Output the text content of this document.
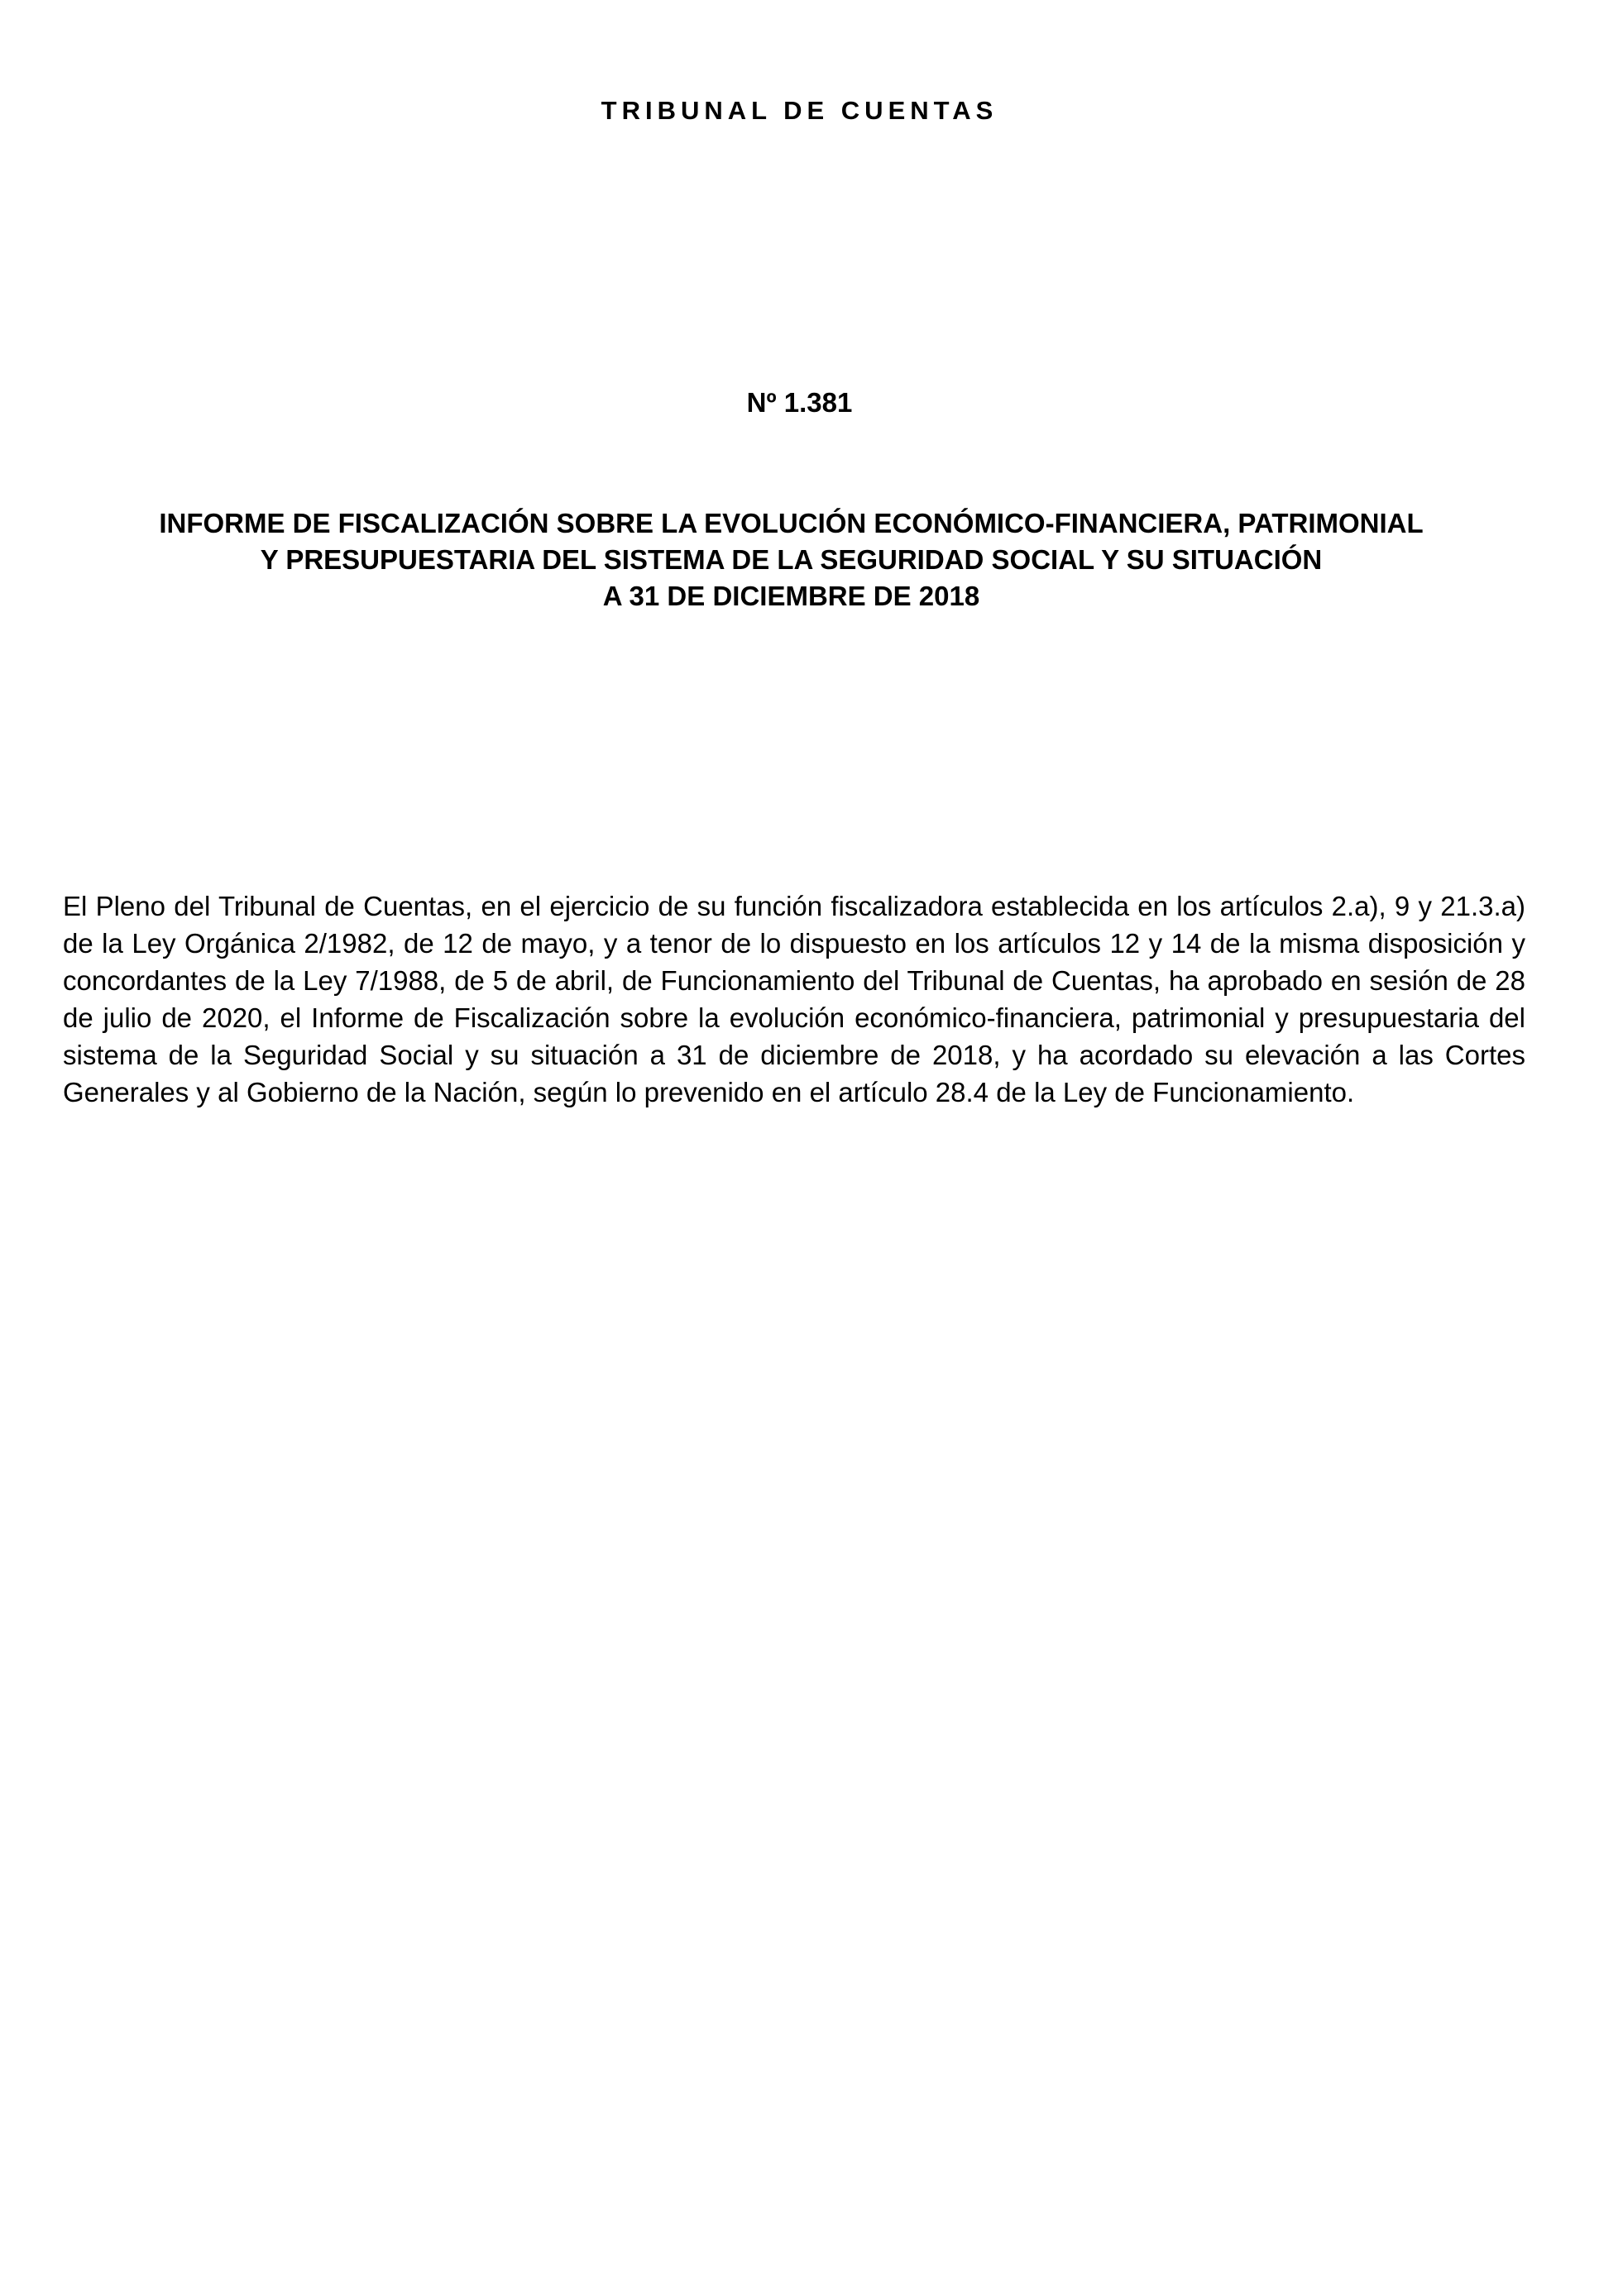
TRIBUNAL DE CUENTAS
Nº 1.381
INFORME DE FISCALIZACIÓN SOBRE LA EVOLUCIÓN ECONÓMICO-FINANCIERA, PATRIMONIAL
Y PRESUPUESTARIA DEL SISTEMA DE LA SEGURIDAD SOCIAL Y SU SITUACIÓN
A 31 DE DICIEMBRE DE 2018

El Pleno del Tribunal de Cuentas, en el ejercicio de su función fiscalizadora establecida en los artículos 2.a), 9 y 21.3.a) de la Ley Orgánica 2/1982, de 12 de mayo, y a tenor de lo dispuesto en los artículos 12 y 14 de la misma disposición y concordantes de la Ley 7/1988, de 5 de abril, de Funcionamiento del Tribunal de Cuentas, ha aprobado en sesión de 28 de julio de 2020, el Informe de Fiscalización sobre la evolución económico-financiera, patrimonial y presupuestaria del sistema de la Seguridad Social y su situación a 31 de diciembre de 2018, y ha acordado su elevación a las Cortes Generales y al Gobierno de la Nación, según lo prevenido en el artículo 28.4 de la Ley de Funcionamiento.
